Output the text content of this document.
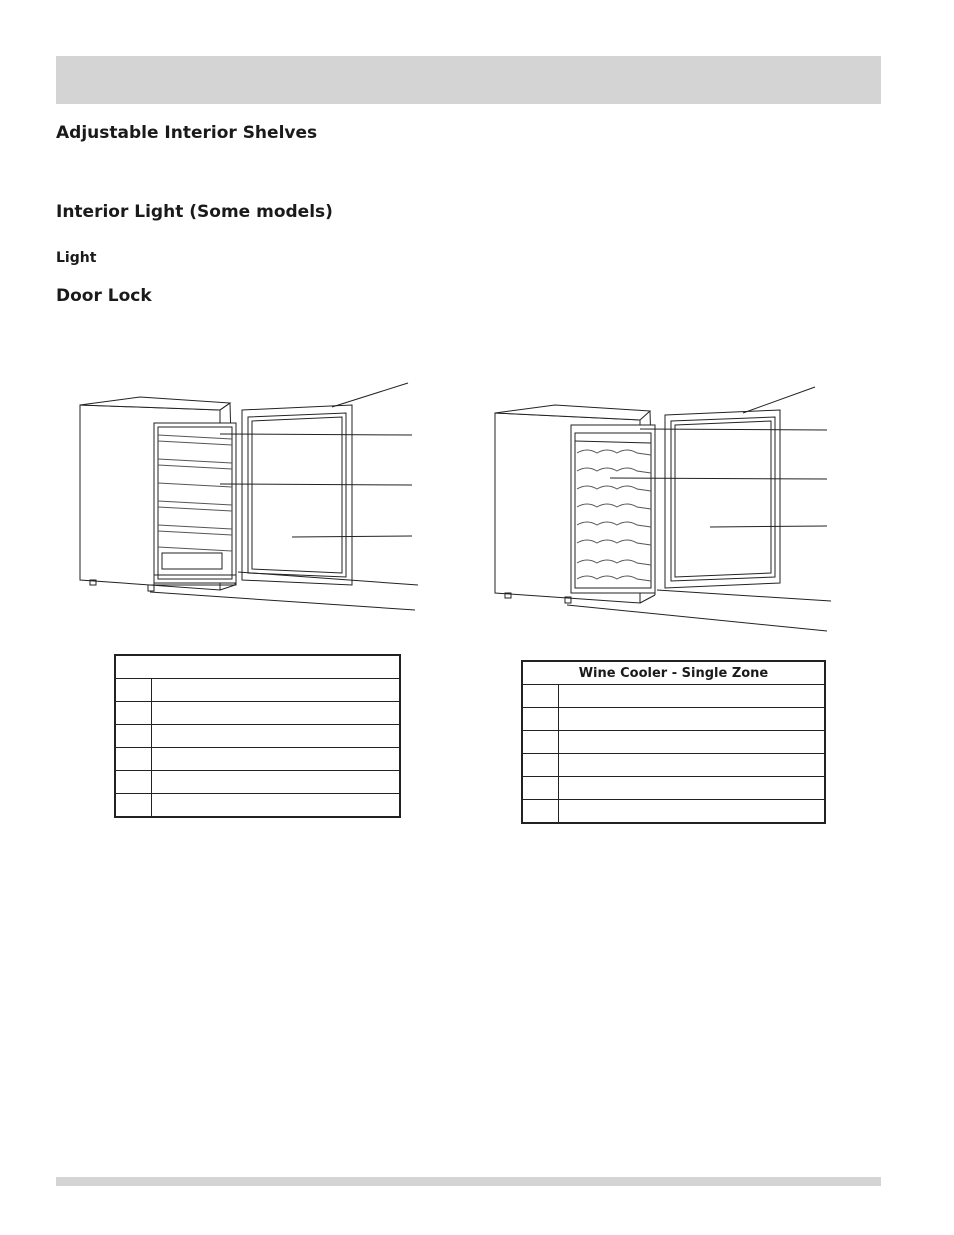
Adjustable Interior Shelves
Interior Light (Some models)
Light
Door Lock

Wine Cooler - Single Zone	
